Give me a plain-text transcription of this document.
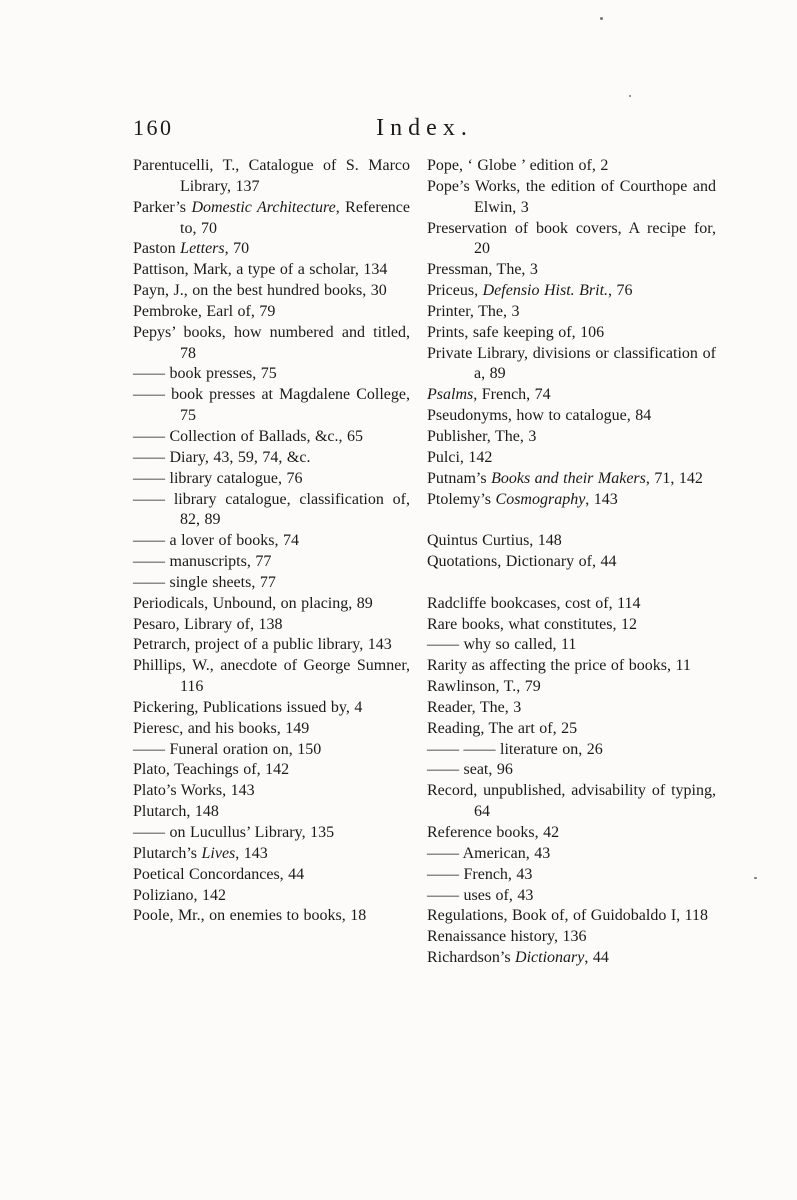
160	Index.
Parentucelli, T., Catalogue of S. Marco Library, 137
Parker’s Domestic Architecture, Reference to, 70
Paston Letters, 70
Pattison, Mark, a type of a scholar, 134
Payn, J., on the best hundred books, 30
Pembroke, Earl of, 79
Pepys’ books, how numbered and titled, 78
—— book presses, 75
—— book presses at Magdalene College, 75
—— Collection of Ballads, &c., 65
—— Diary, 43, 59, 74, &c.
—— library catalogue, 76
—— library catalogue, classification of, 82, 89
—— a lover of books, 74
—— manuscripts, 77
—— single sheets, 77
Periodicals, Unbound, on placing, 89
Pesaro, Library of, 138
Petrarch, project of a public library, 143
Phillips, W., anecdote of George Sumner, 116
Pickering, Publications issued by, 4
Pieresc, and his books, 149
—— Funeral oration on, 150
Plato, Teachings of, 142
Plato’s Works, 143
Plutarch, 148
—— on Lucullus’ Library, 135
Plutarch’s Lives, 143
Poetical Concordances, 44
Poliziano, 142
Poole, Mr., on enemies to books, 18
Pope, ‘ Globe ’ edition of, 2
Pope’s Works, the edition of Courthope and Elwin, 3
Preservation of book covers, A recipe for, 20
Pressman, The, 3
Priceus, Defensio Hist. Brit., 76
Printer, The, 3
Prints, safe keeping of, 106
Private Library, divisions or classification of a, 89
Psalms, French, 74
Pseudonyms, how to catalogue, 84
Publisher, The, 3
Pulci, 142
Putnam’s Books and their Makers, 71, 142
Ptolemy’s Cosmography, 143
Quintus Curtius, 148
Quotations, Dictionary of, 44
Radcliffe bookcases, cost of, 114
Rare books, what constitutes, 12
—— why so called, 11
Rarity as affecting the price of books, 11
Rawlinson, T., 79
Reader, The, 3
Reading, The art of, 25
—— —— literature on, 26
—— seat, 96
Record, unpublished, advisability of typing, 64
Reference books, 42
—— American, 43
—— French, 43
—— uses of, 43
Regulations, Book of, of Guidobaldo I, 118
Renaissance history, 136
Richardson’s Dictionary, 44
